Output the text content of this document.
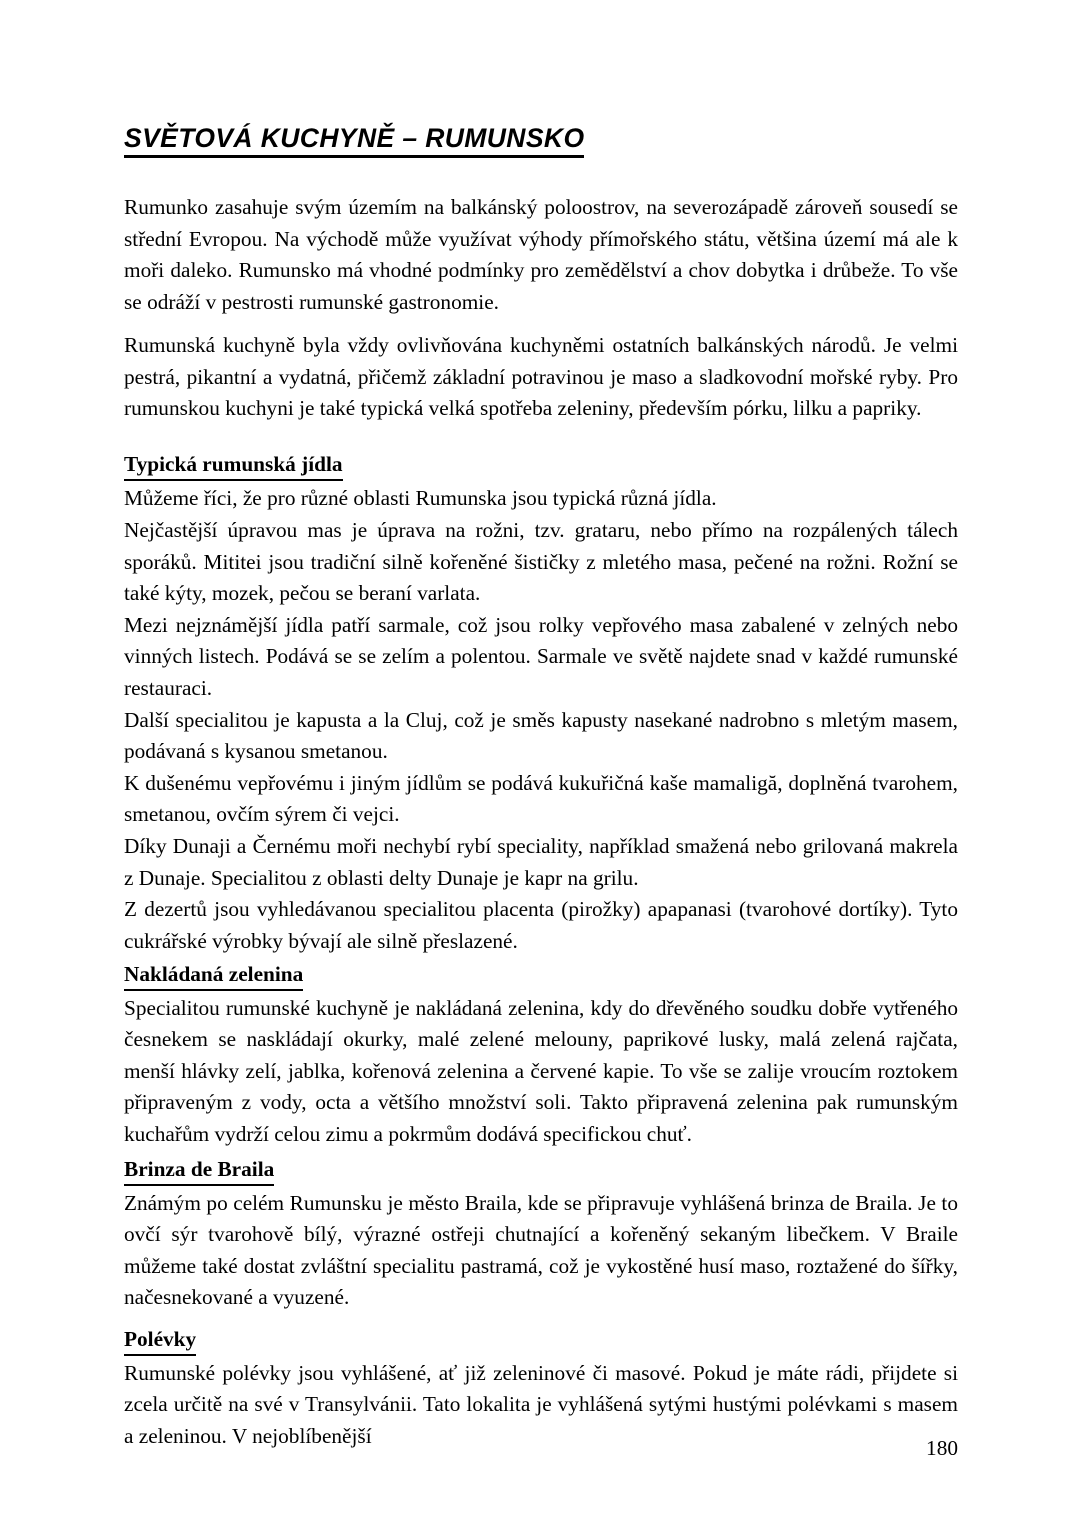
SVĚTOVÁ KUCHYNĚ – RUMUNSKO

Rumunko zasahuje svým územím na balkánský poloostrov, na severozápadě zároveň sousedí se střední Evropou. Na východě může využívat výhody přímořského státu, většina území má ale k moři daleko. Rumunsko má vhodné podmínky pro zemědělství a chov dobytka i drůbeže. To vše se odráží v pestrosti rumunské gastronomie.

Rumunská kuchyně byla vždy ovlivňována kuchyněmi ostatních balkánských národů. Je velmi pestrá, pikantní a vydatná, přičemž základní potravinou je maso a sladkovodní mořské ryby. Pro rumunskou kuchyni je také typická velká spotřeba zeleniny, především pórku, lilku a papriky.

Typická rumunská jídla

Můžeme říci, že pro různé oblasti Rumunska jsou typická různá jídla.

Nejčastější úpravou mas je úprava na rožni, tzv. grataru, nebo přímo na rozpálených tálech sporáků. Mititei jsou tradiční silně kořeněné šističky z mletého masa, pečené na rožni. Rožní se také kýty, mozek, pečou se beraní varlata.

Mezi nejznámější jídla patří sarmale, což jsou rolky vepřového masa zabalené v zelných nebo vinných listech. Podává se se zelím a polentou. Sarmale ve světě najdete snad v každé rumunské restauraci.

Další specialitou je kapusta a la Cluj, což je směs kapusty nasekané nadrobno s mletým masem, podávaná s kysanou smetanou.

K dušenému vepřovému i jiným jídlům se podává kukuřičná kaše mamaligă, doplněná tvarohem, smetanou, ovčím sýrem či vejci.

Díky Dunaji a Černému moři nechybí rybí speciality, například smažená nebo grilovaná makrela z Dunaje. Specialitou z oblasti delty Dunaje je kapr na grilu.

Z dezertů jsou vyhledávanou specialitou placenta (pirožky) apapanasi (tvarohové dortíky). Tyto cukrářské výrobky bývají ale silně přeslazené.

Nakládaná zelenina

Specialitou rumunské kuchyně je nakládaná zelenina, kdy do dřevěného soudku dobře vytřeného česnekem se naskládají okurky, malé zelené melouny, paprikové lusky, malá zelená rajčata, menší hlávky zelí, jablka, kořenová zelenina a červené kapie. To vše se zalije vroucím roztokem připraveným z vody, octa a většího množství soli. Takto připravená zelenina pak rumunským kuchařům vydrží celou zimu a pokrmům dodává specifickou chuť.

Brinza de Braila

Známým po celém Rumunsku je město Braila, kde se připravuje vyhlášená brinza de Braila. Je to ovčí sýr tvarohově bílý, výrazné ostřeji chutnající a kořeněný sekaným libečkem. V Braile můžeme také dostat zvláštní specialitu pastramá, což je vykostěné husí maso, roztažené do šířky, načesnekované a vyuzené.

Polévky

Rumunské polévky jsou vyhlášené, ať již zeleninové či masové. Pokud je máte rádi, přijdete si zcela určitě na své v Transylvánii. Tato lokalita je vyhlášená sytými hustými polévkami s masem a zeleninou. V nejoblíbenější

180
